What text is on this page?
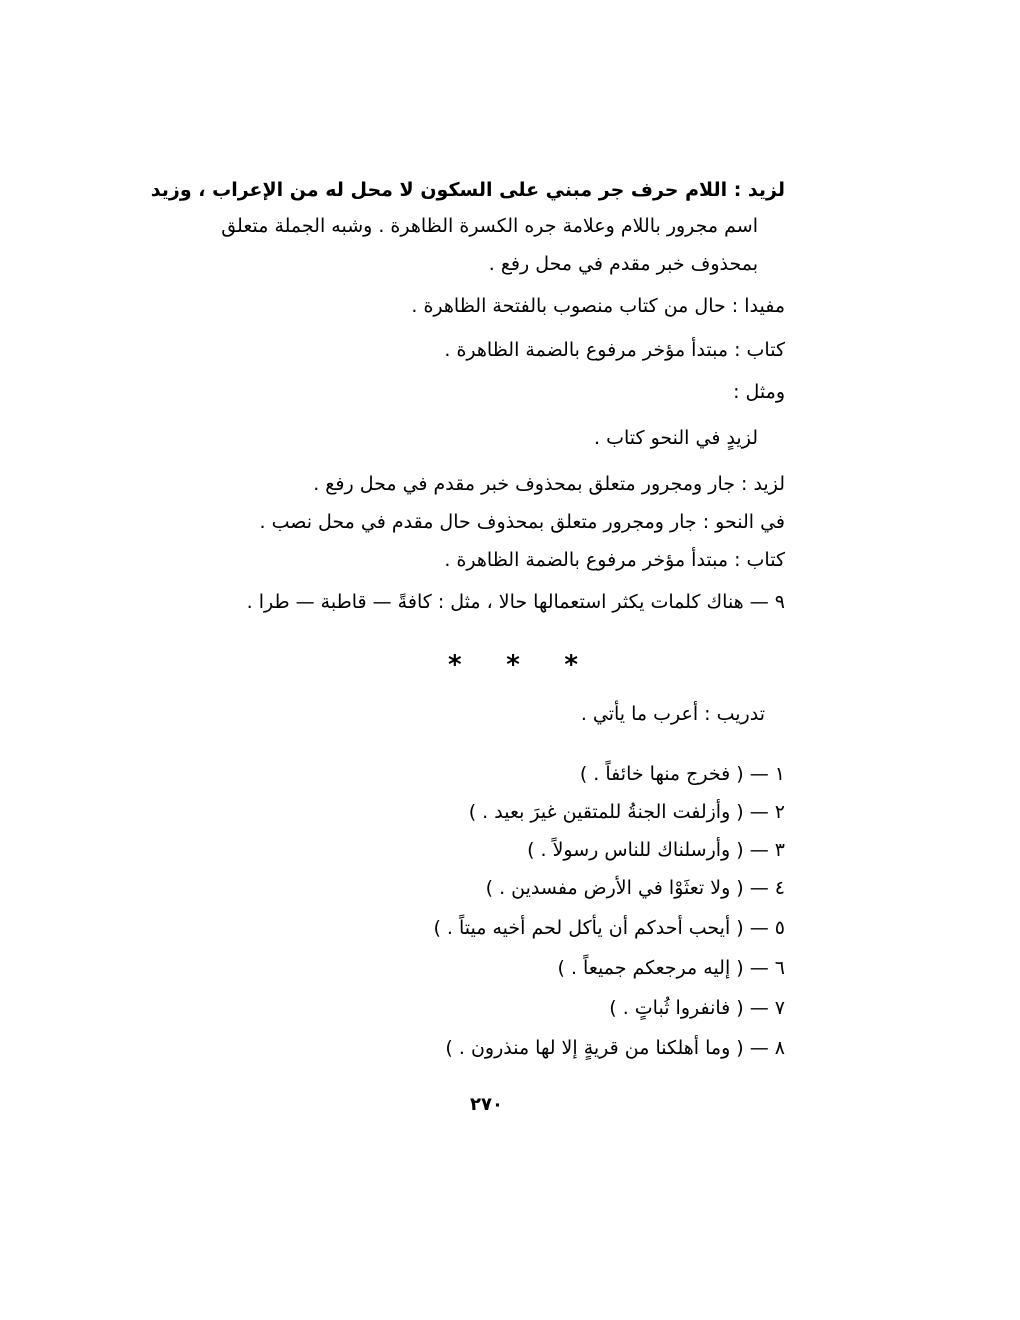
لزيد : اللام حرف جر مبني على السكون لا محل له من الإعراب ، وزيد
اسم مجرور باللام وعلامة جره الكسرة الظاهرة . وشبه الجملة متعلق
بمحذوف خبر مقدم في محل رفع .
مفيدا : حال من كتاب منصوب بالفتحة الظاهرة .
كتاب : مبتدأ مؤخر مرفوع بالضمة الظاهرة .
ومثل :
لزيدٍ في النحو كتاب .
لزيد : جار ومجرور متعلق بمحذوف خبر مقدم في محل رفع .
في النحو : جار ومجرور متعلق بمحذوف حال مقدم في محل نصب .
كتاب : مبتدأ مؤخر مرفوع بالضمة الظاهرة .
٩ — هناك كلمات يكثر استعمالها حالا ، مثل : كافةً — قاطبة — طرا .
* * *
تدريب : أعرب ما يأتي .
١ — ( فخرج منها خائفاً . )
٢ — ( وأزلفت الجنةُ للمتقين غيرَ بعيد . )
٣ — ( وأرسلناك للناس رسولاً . )
٤ — ( ولا تعثَوْا في الأرض مفسدين . )
٥ — ( أيحب أحدكم أن يأكل لحم أخيه ميتاً . )
٦ — ( إليه مرجعكم جميعاً . )
٧ — ( فانفروا ثُباتٍ . )
٨ — ( وما أهلكنا من قريةٍ إلا لها منذرون . )
٢٧٠
